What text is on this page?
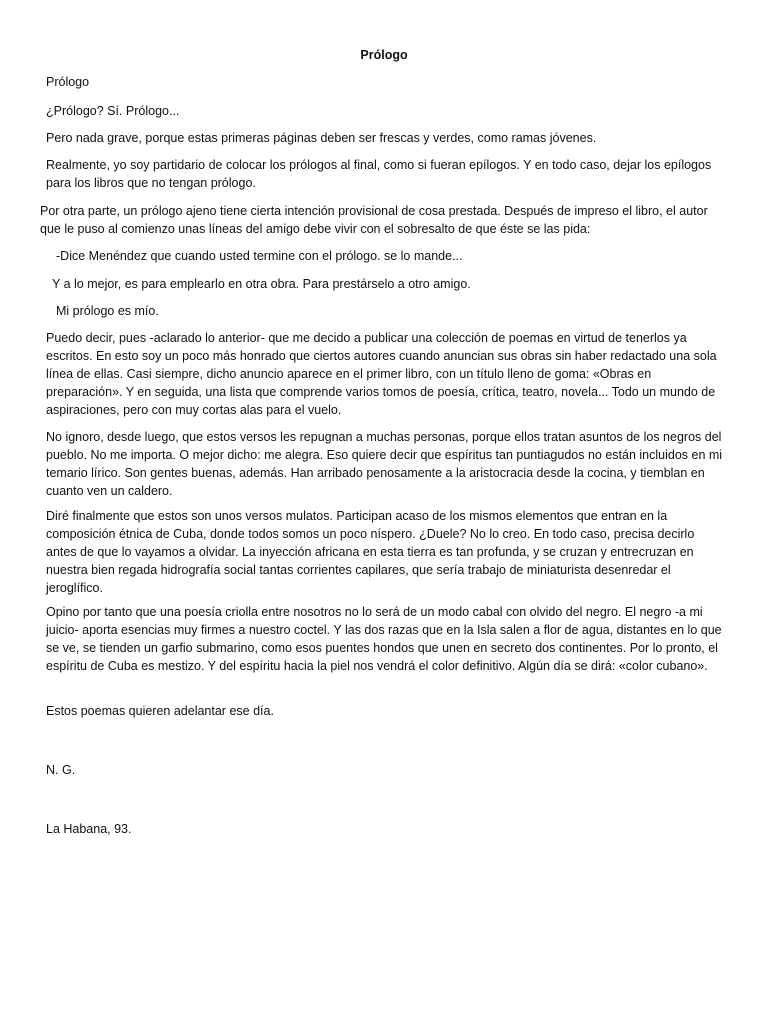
Prólogo

Prólogo

¿Prólogo? Sí. Prólogo...

Pero nada grave, porque estas primeras páginas deben ser frescas y verdes, como ramas jóvenes.

Realmente, yo soy partidario de colocar los prólogos al final, como si fueran epílogos. Y en todo caso, dejar los epílogos para los libros que no tengan prólogo.

Por otra parte, un prólogo ajeno tiene cierta intención provisional de cosa prestada. Después de impreso el libro, el autor que le puso al comienzo unas líneas del amigo debe vivir con el sobresalto de que éste se las pida:

-Dice Menéndez que cuando usted termine con el prólogo. se lo mande...

Y a lo mejor, es para emplearlo en otra obra. Para prestárselo a otro amigo.

Mi prólogo es mío.

Puedo decir, pues -aclarado lo anterior- que me decido a publicar una colección de poemas en virtud de tenerlos ya escritos. En esto soy un poco más honrado que ciertos autores cuando anuncian sus obras sin haber redactado una sola línea de ellas. Casi siempre, dicho anuncio aparece en el primer libro, con un título lleno de goma: «Obras en preparación». Y en seguida, una lista que comprende varios tomos de poesía, crítica, teatro, novela... Todo un mundo de aspiraciones, pero con muy cortas alas para el vuelo.

No ignoro, desde luego, que estos versos les repugnan a muchas personas, porque ellos tratan asuntos de los negros del pueblo. No me importa. O mejor dicho: me alegra. Eso quiere decir que espíritus tan puntiagudos no están incluidos en mi temario lírico. Son gentes buenas, además. Han arribado penosamente a la aristocracia desde la cocina, y tiemblan en cuanto ven un caldero.

Diré finalmente que estos son unos versos mulatos. Participan acaso de los mismos elementos que entran en la composición étnica de Cuba, donde todos somos un poco níspero. ¿Duele? No lo creo. En todo caso, precisa decirlo antes de que lo vayamos a olvidar. La inyección africana en esta tierra es tan profunda, y se cruzan y entrecruzan en nuestra bien regada hidrografía social tantas corrientes capilares, que sería trabajo de miniaturista desenredar el jeroglífico.

Opino por tanto que una poesía criolla entre nosotros no lo será de un modo cabal con olvido del negro. El negro -a mi juicio- aporta esencias muy firmes a nuestro coctel. Y las dos razas que en la Isla salen a flor de agua, distantes en lo que se ve, se tienden un garfio submarino, como esos puentes hondos que unen en secreto dos continentes. Por lo pronto, el espíritu de Cuba es mestizo. Y del espíritu hacia la piel nos vendrá el color definitivo. Algún día se dirá: «color cubano».

Estos poemas quieren adelantar ese día.

N. G.

La Habana, 93.
